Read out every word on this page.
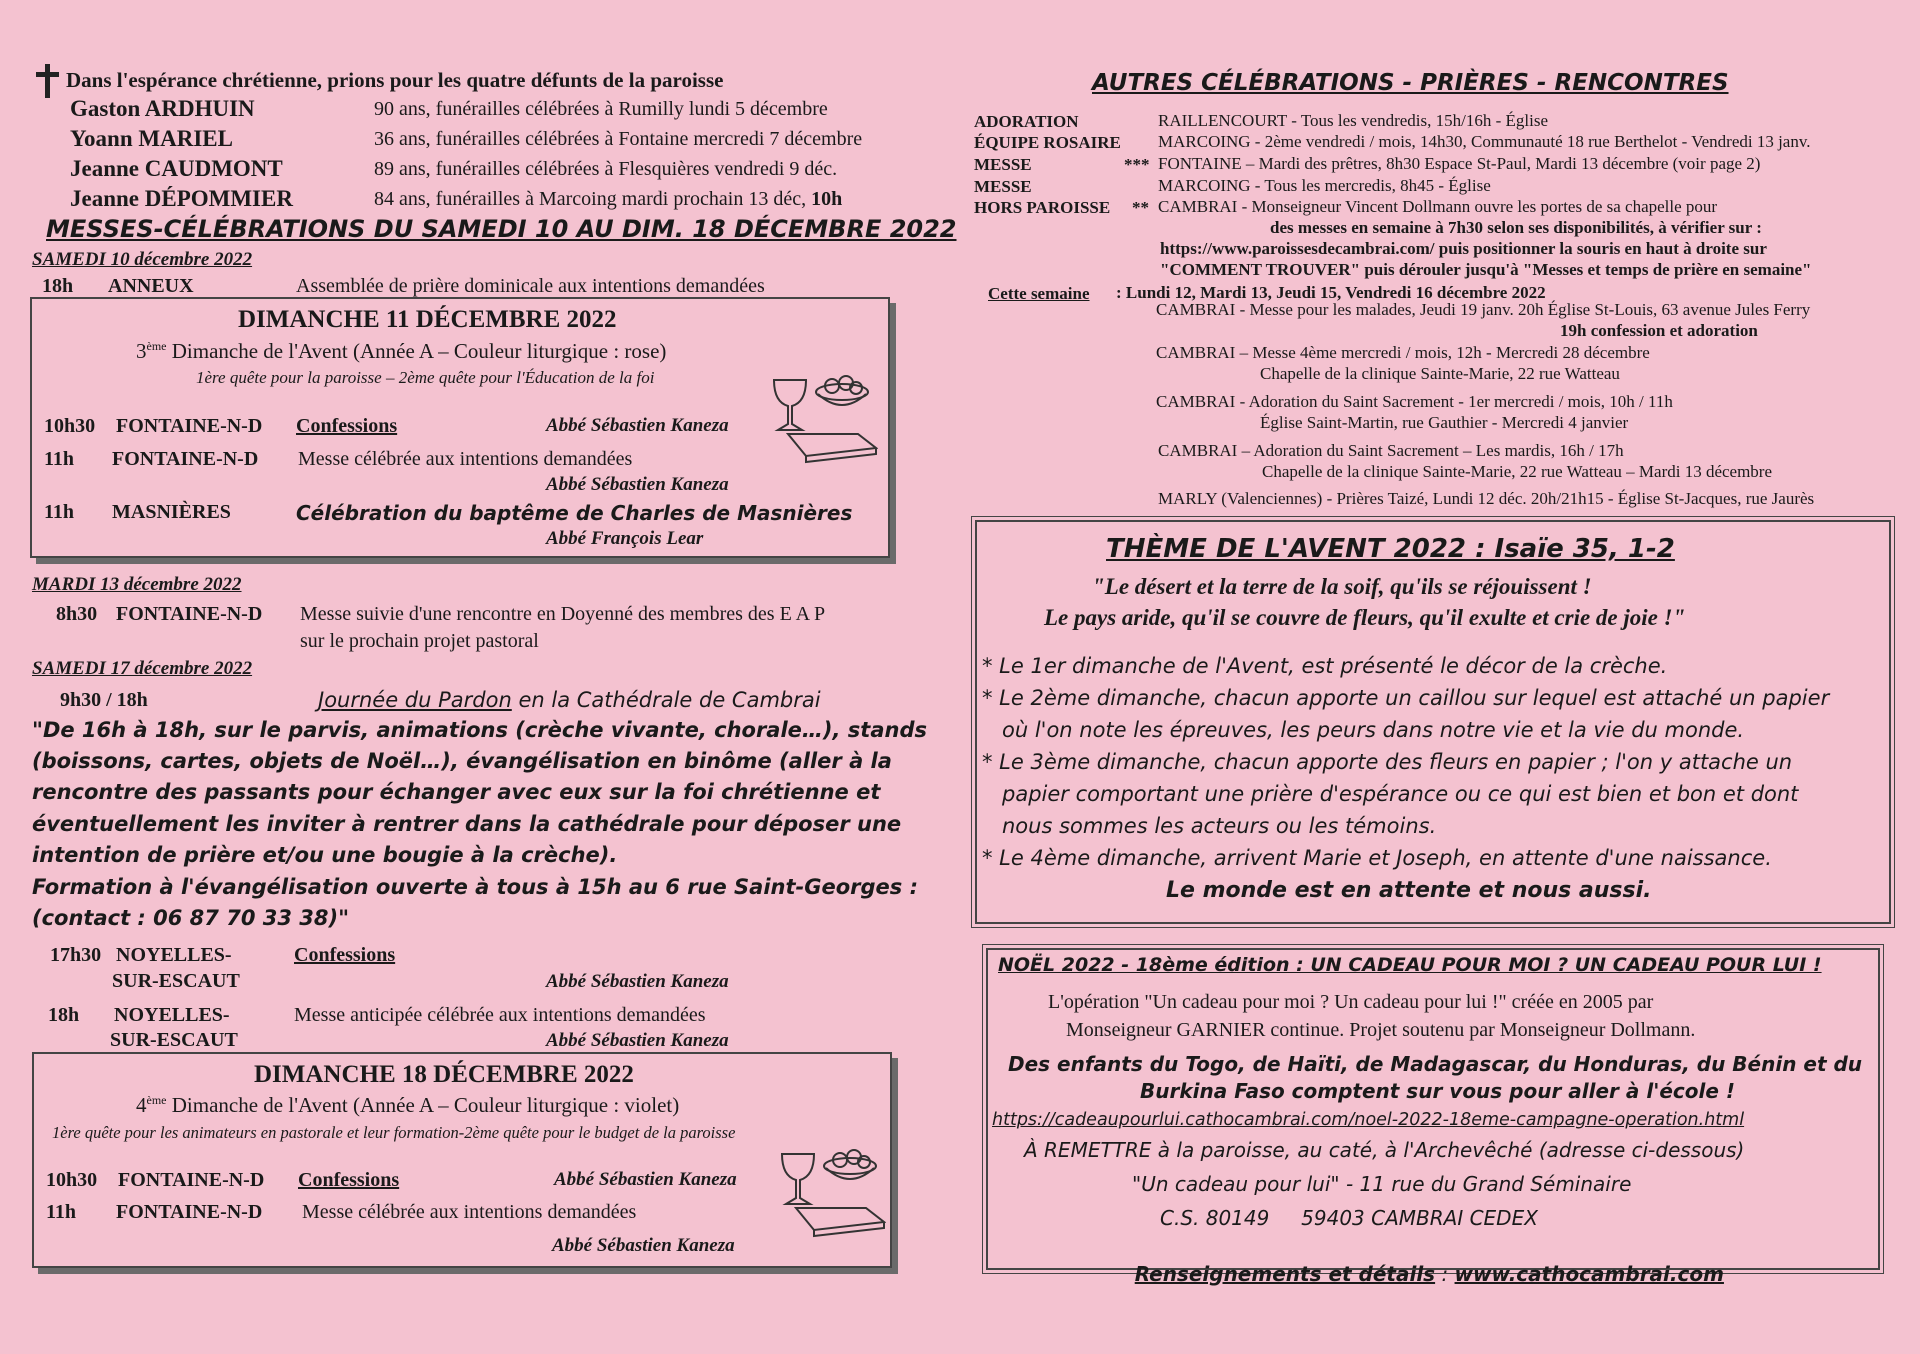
Dans l'espérance chrétienne, prions pour les quatre défunts de la paroisse
Gaston ARDHUIN	90 ans, funérailles célébrées à Rumilly lundi 5 décembre
Yoann MARIEL	36 ans, funérailles célébrées à Fontaine mercredi 7 décembre
Jeanne CAUDMONT	89 ans, funérailles célébrées à Flesquières vendredi 9 déc.
Jeanne DÉPOMMIER	84 ans, funérailles à Marcoing mardi prochain 13 déc, 10h
MESSES-CÉLÉBRATIONS DU SAMEDI 10 AU DIM. 18 DÉCEMBRE 2022
SAMEDI 10 décembre 2022
18h ANNEUX	Assemblée de prière dominicale aux intentions demandées
DIMANCHE 11 DÉCEMBRE 2022
3ème Dimanche de l'Avent (Année A – Couleur liturgique : rose)
1ère quête pour la paroisse – 2ème quête pour l'Éducation de la foi
10h30 FONTAINE-N-D Confessions	Abbé Sébastien Kaneza
11h FONTAINE-N-D Messe célébrée aux intentions demandées
Abbé Sébastien Kaneza
11h MASNIÈRES	Célébration du baptême de Charles de Masnières
Abbé François Lear
MARDI 13 décembre 2022
8h30 FONTAINE-N-D Messe suivie d'une rencontre en Doyenné des membres des E A P
sur le prochain projet pastoral
SAMEDI 17 décembre 2022
9h30 / 18h	Journée du Pardon en la Cathédrale de Cambrai
"De 16h à 18h, sur le parvis, animations (crèche vivante, chorale…), stands
(boissons, cartes, objets de Noël…), évangélisation en binôme (aller à la
rencontre des passants pour échanger avec eux sur la foi chrétienne et
éventuellement les inviter à rentrer dans la cathédrale pour déposer une
intention de prière et/ou une bougie à la crèche).
Formation à l'évangélisation ouverte à tous à 15h au 6 rue Saint-Georges :
(contact : 06 87 70 33 38)"
17h30 NOYELLES-
SUR-ESCAUT
Confessions
Abbé Sébastien Kaneza
18h NOYELLES-
SUR-ESCAUT
Messe anticipée célébrée aux intentions demandées
Abbé Sébastien Kaneza
DIMANCHE 18 DÉCEMBRE 2022
4ème Dimanche de l'Avent (Année A – Couleur liturgique : violet)
1ère quête pour les animateurs en pastorale et leur formation-2ème quête pour le budget de la paroisse
10h30 FONTAINE-N-D Confessions	Abbé Sébastien Kaneza
11h FONTAINE-N-D Messe célébrée aux intentions demandées
Abbé Sébastien Kaneza
AUTRES CÉLÉBRATIONS - PRIÈRES - RENCONTRES
ADORATION	RAILLENCOURT - Tous les vendredis, 15h/16h - Église
ÉQUIPE ROSAIRE MARCOING - 2ème vendredi / mois, 14h30, Communauté 18 rue Berthelot - Vendredi 13 janv.
MESSE	*** FONTAINE – Mardi des prêtres, 8h30 Espace St-Paul, Mardi 13 décembre (voir page 2)
MESSE	MARCOING - Tous les mercredis, 8h45 - Église
HORS PAROISSE ** CAMBRAI - Monseigneur Vincent Dollmann ouvre les portes de sa chapelle pour
des messes en semaine à 7h30 selon ses disponibilités, à vérifier sur :
https://www.paroissesdecambrai.com/ puis positionner la souris en haut à droite sur
"COMMENT TROUVER" puis dérouler jusqu'à "Messes et temps de prière en semaine"
Cette semaine : Lundi 12, Mardi 13, Jeudi 15, Vendredi 16 décembre 2022
CAMBRAI - Messe pour les malades, Jeudi 19 janv. 20h Église St-Louis, 63 avenue Jules Ferry
19h confession et adoration
CAMBRAI – Messe 4ème mercredi / mois, 12h - Mercredi 28 décembre
Chapelle de la clinique Sainte-Marie, 22 rue Watteau
CAMBRAI - Adoration du Saint Sacrement - 1er mercredi / mois, 10h / 11h
Église Saint-Martin, rue Gauthier - Mercredi 4 janvier
CAMBRAI – Adoration du Saint Sacrement – Les mardis, 16h / 17h
Chapelle de la clinique Sainte-Marie, 22 rue Watteau – Mardi 13 décembre
MARLY (Valenciennes) - Prières Taizé, Lundi 12 déc. 20h/21h15 - Église St-Jacques, rue Jaurès
THÈME DE L'AVENT 2022 : Isaïe 35, 1-2
"Le désert et la terre de la soif, qu'ils se réjouissent !
Le pays aride, qu'il se couvre de fleurs, qu'il exulte et crie de joie !"
* Le 1er dimanche de l'Avent, est présenté le décor de la crèche.
* Le 2ème dimanche, chacun apporte un caillou sur lequel est attaché un papier
où l'on note les épreuves, les peurs dans notre vie et la vie du monde.
* Le 3ème dimanche, chacun apporte des fleurs en papier ; l'on y attache un
papier comportant une prière d'espérance ou ce qui est bien et bon et dont
nous sommes les acteurs ou les témoins.
* Le 4ème dimanche, arrivent Marie et Joseph, en attente d'une naissance.
Le monde est en attente et nous aussi.
NOËL 2022 - 18ème édition : UN CADEAU POUR MOI ? UN CADEAU POUR LUI !
L'opération "Un cadeau pour moi ? Un cadeau pour lui !" créée en 2005 par
Monseigneur GARNIER continue. Projet soutenu par Monseigneur Dollmann.
Des enfants du Togo, de Haïti, de Madagascar, du Honduras, du Bénin et du
Burkina Faso comptent sur vous pour aller à l'école !
https://cadeaupourlui.cathocambrai.com/noel-2022-18eme-campagne-operation.html
À REMETTRE à la paroisse, au caté, à l'Archevêché (adresse ci-dessous)
"Un cadeau pour lui" - 11 rue du Grand Séminaire
C.S. 80149     59403 CAMBRAI CEDEX

Renseignements et détails : www.cathocambrai.com
